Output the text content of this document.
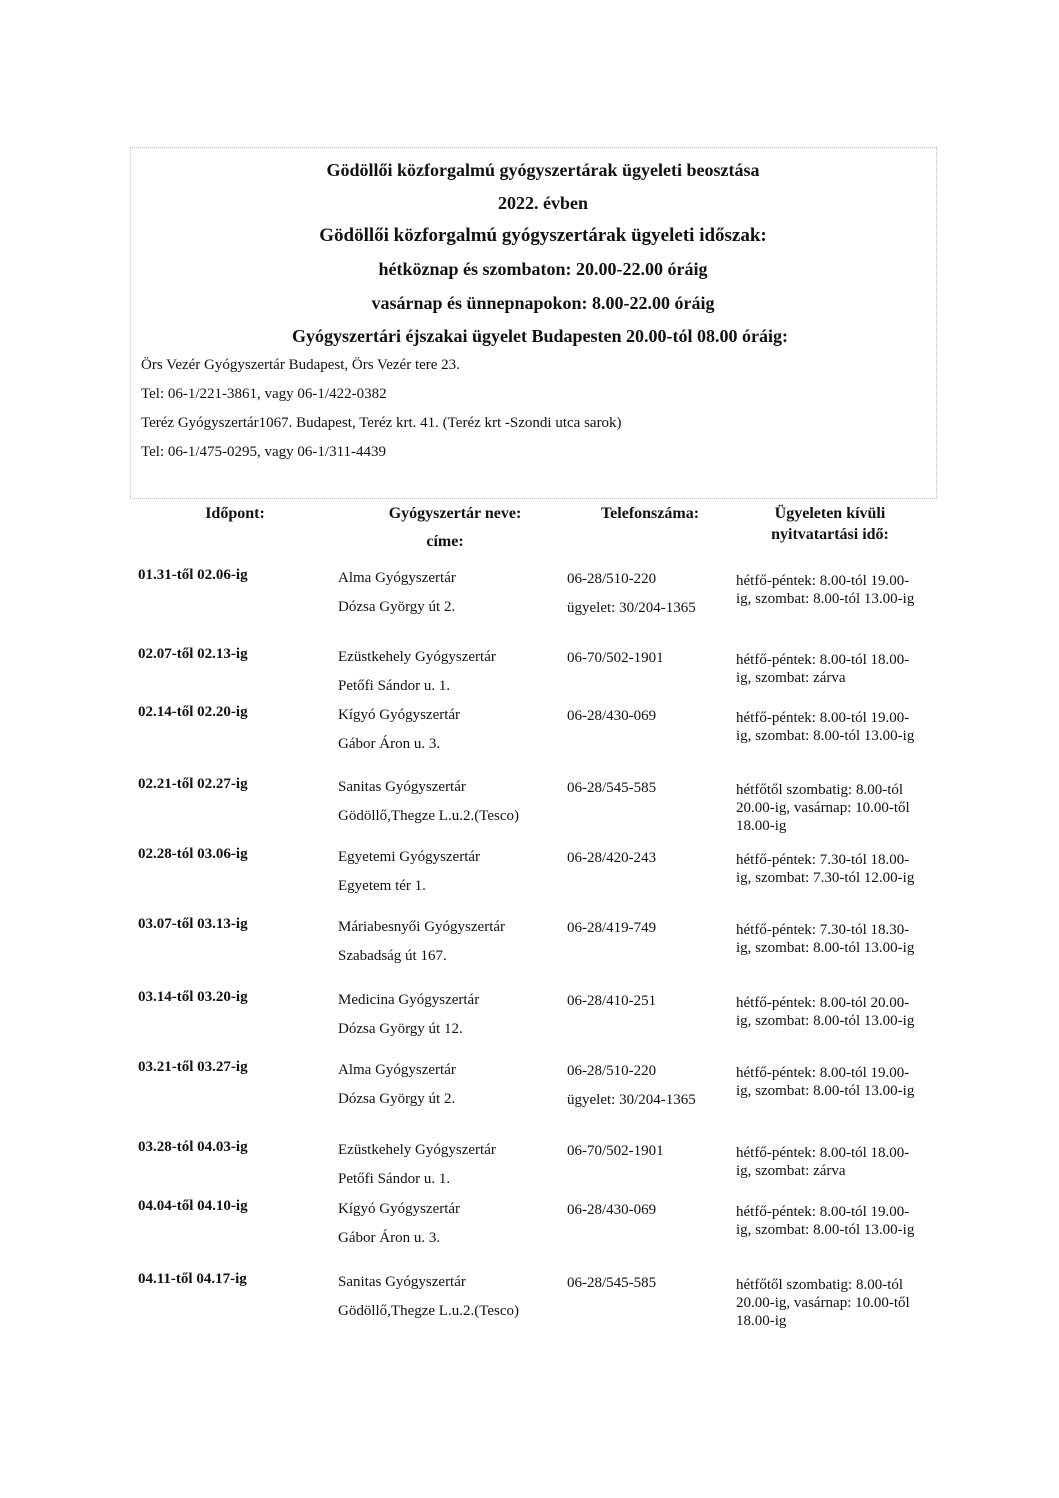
Gödöllői közforgalmú gyógyszertárak ügyeleti beosztása
2022. évben
Gödöllői közforgalmú gyógyszertárak ügyeleti időszak:
hétköznap és szombaton: 20.00-22.00 óráig
vasárnap és ünnepnapokon: 8.00-22.00 óráig
Gyógyszertári éjszakai ügyelet Budapesten 20.00-tól 08.00 óráig:
Örs Vezér Gyógyszertár Budapest, Örs Vezér tere 23.
Tel: 06-1/221-3861, vagy 06-1/422-0382
Teréz Gyógyszertár1067. Budapest, Teréz krt. 41. (Teréz krt -Szondi utca sarok)
Tel: 06-1/475-0295, vagy 06-1/311-4439
Időpont:	Gyógyszertár neve:
címe:
Telefonszáma:	Ügyeleten kívüli
nyitvatartási idő:
01.31-től 02.06-ig	Alma Gyógyszertár
Dózsa György út 2.
06-28/510-220
ügyelet: 30/204-1365
hétfő-péntek: 8.00-tól 19.00-ig, szombat: 8.00-tól 13.00-ig
02.07-től 02.13-ig	Ezüstkehely Gyógyszertár
Petőfi Sándor u. 1.
06-70/502-1901	hétfő-péntek: 8.00-tól 18.00-ig, szombat: zárva
02.14-től 02.20-ig	Kígyó Gyógyszertár
Gábor Áron u. 3.
06-28/430-069	hétfő-péntek: 8.00-tól 19.00-ig, szombat: 8.00-tól 13.00-ig
02.21-től 02.27-ig	Sanitas Gyógyszertár
Gödöllő,Thegze L.u.2.(Tesco)
06-28/545-585	hétfőtől szombatig: 8.00-tól 20.00-ig, vasárnap: 10.00-től 18.00-ig
02.28-tól 03.06-ig	Egyetemi Gyógyszertár
Egyetem tér 1.
06-28/420-243	hétfő-péntek: 7.30-tól 18.00-ig, szombat: 7.30-tól 12.00-ig
03.07-től 03.13-ig	Máriabesnyői Gyógyszertár
Szabadság út 167.
06-28/419-749	hétfő-péntek: 7.30-tól 18.30-ig, szombat: 8.00-tól 13.00-ig
03.14-től 03.20-ig	Medicina Gyógyszertár
Dózsa György út 12.
06-28/410-251	hétfő-péntek: 8.00-tól 20.00-ig, szombat: 8.00-tól 13.00-ig
03.21-től 03.27-ig	Alma Gyógyszertár
Dózsa György út 2.
06-28/510-220
ügyelet: 30/204-1365
hétfő-péntek: 8.00-tól 19.00-ig, szombat: 8.00-tól 13.00-ig
03.28-tól 04.03-ig	Ezüstkehely Gyógyszertár
Petőfi Sándor u. 1.
06-70/502-1901	hétfő-péntek: 8.00-tól 18.00-ig, szombat: zárva
04.04-től 04.10-ig	Kígyó Gyógyszertár
Gábor Áron u. 3.
06-28/430-069	hétfő-péntek: 8.00-tól 19.00-ig, szombat: 8.00-tól 13.00-ig
04.11-től 04.17-ig	Sanitas Gyógyszertár
Gödöllő,Thegze L.u.2.(Tesco)
06-28/545-585	hétfőtől szombatig: 8.00-tól 20.00-ig, vasárnap: 10.00-től 18.00-ig
